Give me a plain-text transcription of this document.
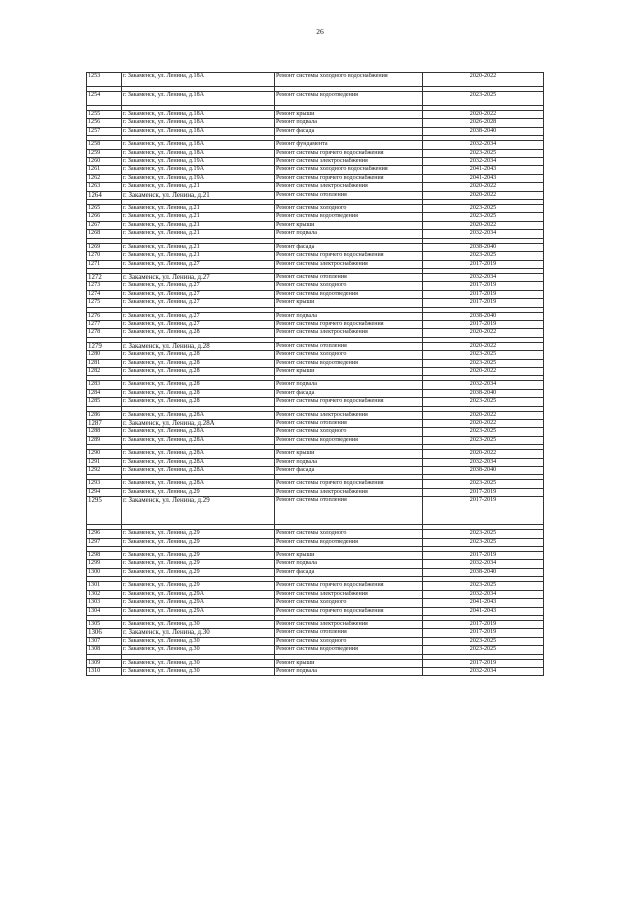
26
1253	г. Закаменск, ул. Ленина, д.18А	Ремонт системы холодного водоснабжения	2020-2022

1254	г. Закаменск, ул. Ленина, д.18А	Ремонт системы водоотведения	2023-2025

1255	г. Закаменск, ул. Ленина, д.18А	Ремонт крыши	2020-2022
1256	г. Закаменск, ул. Ленина, д.18А	Ремонт подвала	2026-2028
1257	г. Закаменск, ул. Ленина, д.18А	Ремонт фасада	2038-2040

1258	г. Закаменск, ул. Ленина, д.18А	Ремонт фундамента	2032-2034
1259	г. Закаменск, ул. Ленина, д.18А	Ремонт системы горячего водоснабжения	2023-2025
1260	г. Закаменск, ул. Ленина, д.19А	Ремонт системы электроснабжения	2032-2034
1261	г. Закаменск, ул. Ленина, д.19А	Ремонт системы холодного водоснабжения	2041-2043
1262	г. Закаменск, ул. Ленина, д.19А	Ремонт системы горячего водоснабжения	2041-2043
1263	г. Закаменск, ул. Ленина, д.21	Ремонт системы электроснабжения	2020-2022
1264	г. Закаменск, ул. Ленина, д.21	Ремонт системы отопления	2020-2022

1265	г. Закаменск, ул. Ленина, д.21	Ремонт системы холодного	2023-2025
1266	г. Закаменск, ул. Ленина, д.21	Ремонт системы водоотведения	2023-2025
1267	г. Закаменск, ул. Ленина, д.21	Ремонт крыши	2020-2022
1268	г. Закаменск, ул. Ленина, д.21	Ремонт подвала	2032-2034

1269	г. Закаменск, ул. Ленина, д.21	Ремонт фасада	2038-2040
1270	г. Закаменск, ул. Ленина, д.21	Ремонт системы горячего водоснабжения	2023-2025
1271	г. Закаменск, ул. Ленина, д.27	Ремонт системы электроснабжения	2017-2019

1272	г. Закаменск, ул. Ленина, д.27	Ремонт системы отопления	2032-2034
1273	г. Закаменск, ул. Ленина, д.27	Ремонт системы холодного	2017-2019
1274	г. Закаменск, ул. Ленина, д.27	Ремонт системы водоотведения	2017-2019
1275	г. Закаменск, ул. Ленина, д.27	Ремонт крыши	2017-2019

1276	г. Закаменск, ул. Ленина, д.27	Ремонт подвала	2038-2040
1277	г. Закаменск, ул. Ленина, д.27	Ремонт системы горячего водоснабжения	2017-2019
1278	г. Закаменск, ул. Ленина, д.28	Ремонт системы электроснабжения	2020-2022

1279	г. Закаменск, ул. Ленина, д.28	Ремонт системы отопления	2020-2022
1280	г. Закаменск, ул. Ленина, д.28	Ремонт системы холодного	2023-2025
1281	г. Закаменск, ул. Ленина, д.28	Ремонт системы водоотведения	2023-2025
1282	г. Закаменск, ул. Ленина, д.28	Ремонт крыши	2020-2022

1283	г. Закаменск, ул. Ленина, д.28	Ремонт подвала	2032-2034
1284	г. Закаменск, ул. Ленина, д.28	Ремонт фасада	2038-2040
1285	г. Закаменск, ул. Ленина, д.28	Ремонт системы горячего водоснабжения	2023-2025

1286	г. Закаменск, ул. Ленина, д.28А	Ремонт системы электроснабжения	2020-2022
1287	г. Закаменск, ул. Ленина, д.28А	Ремонт системы отопления	2020-2022
1288	г. Закаменск, ул. Ленина, д.28А	Ремонт системы холодного	2023-2025
1289	г. Закаменск, ул. Ленина, д.28А	Ремонт системы водоотведения	2023-2025

1290	г. Закаменск, ул. Ленина, д.28А	Ремонт крыши	2020-2022
1291	г. Закаменск, ул. Ленина, д.28А	Ремонт подвала	2032-2034
1292	г. Закаменск, ул. Ленина, д.28А	Ремонт фасада	2038-2040

1293	г. Закаменск, ул. Ленина, д.28А	Ремонт системы горячего водоснабжения	2023-2025
1294	г. Закаменск, ул. Ленина, д.29	Ремонт системы электроснабжения	2017-2019
1295	г. Закаменск, ул. Ленина, д.29	Ремонт системы отопления	2017-2019

1296	г. Закаменск, ул. Ленина, д.29	Ремонт системы холодного	2023-2025
1297	г. Закаменск, ул. Ленина, д.29	Ремонт системы водоотведения	2023-2025

1298	г. Закаменск, ул. Ленина, д.29	Ремонт крыши	2017-2019
1299	г. Закаменск, ул. Ленина, д.29	Ремонт подвала	2032-2034
1300	г. Закаменск, ул. Ленина, д.29	Ремонт фасада	2038-2040

1301	г. Закаменск, ул. Ленина, д.29	Ремонт системы горячего водоснабжения	2023-2025
1302	г. Закаменск, ул. Ленина, д.29А	Ремонт системы электроснабжения	2032-2034
1303	г. Закаменск, ул. Ленина, д.29А	Ремонт системы холодного	2041-2043
1304	г. Закаменск, ул. Ленина, д.29А	Ремонт системы горячего водоснабжения	2041-2043

1305	г. Закаменск, ул. Ленина, д.30	Ремонт системы электроснабжения	2017-2019
1306	г. Закаменск, ул. Ленина, д.30	Ремонт системы отопления	2017-2019
1307	г. Закаменск, ул. Ленина, д.30	Ремонт системы холодного	2023-2025
1308	г. Закаменск, ул. Ленина, д.30	Ремонт системы водоотведения	2023-2025

1309	г. Закаменск, ул. Ленина, д.30	Ремонт крыши	2017-2019
1310	г. Закаменск, ул. Ленина, д.30	Ремонт подвала	2032-2034
